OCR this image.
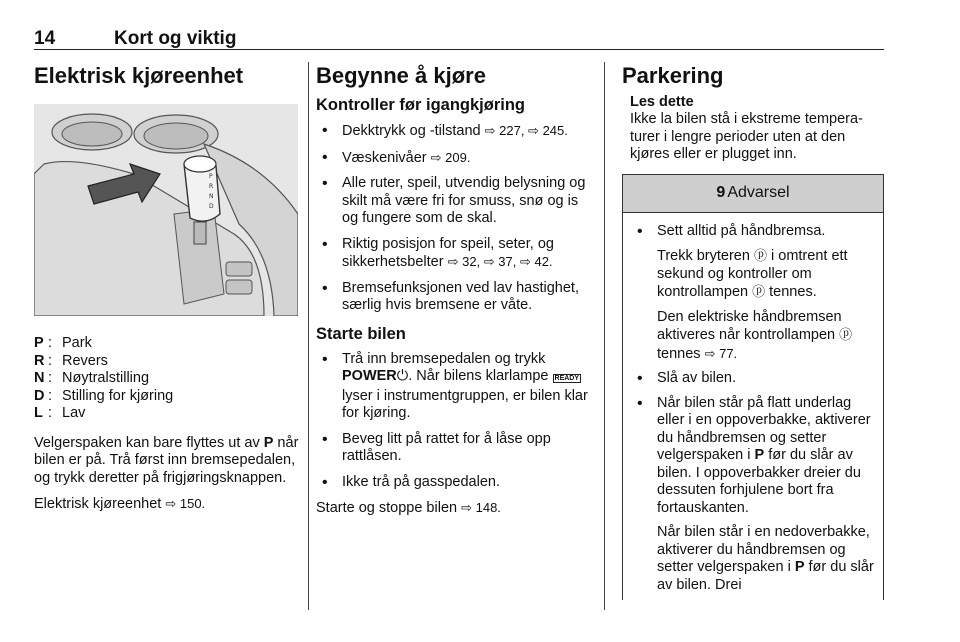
14	Kort og viktig
Elektrisk kjøreenhet
P
R
N
D
P : Park
R : Revers
N : Nøytralstilling
D : Stilling for kjøring
L : Lav

Velgerspaken kan bare flyttes ut av P når bilen er på. Trå først inn bremsepedalen, og trykk deretter på frigjøringsknappen.

Elektrisk kjøreenhet ⇨ 150.

Begynne å kjøre
Kontroller før igangkjøring
• Dekktrykk og -tilstand ⇨ 227, ⇨ 245.
• Væskenivåer ⇨ 209.
• Alle ruter, speil, utvendig belysning og skilt må være fri for smuss, snø og is og fungere som de skal.
• Riktig posisjon for speil, seter, og sikkerhetsbelter ⇨ 32, ⇨ 37, ⇨ 42.
• Bremsefunksjonen ved lav hastighet, særlig hvis bremsene er våte.
Starte bilen
• Trå inn bremsepedalen og trykk POWER⏻. Når bilens klarlampe READY lyser i instrumentgruppen, er bilen klar for kjøring.
• Beveg litt på rattet for å låse opp rattlåsen.
• Ikke trå på gasspedalen.

Starte og stoppe bilen ⇨ 148.

Parkering
Les dette
Ikke la bilen stå i ekstreme temperaturer i lengre perioder uten at den kjøres eller er plugget inn.
9 Advarsel
• Sett alltid på håndbremsa.

Trekk bryteren ⓟ i omtrent ett sekund og kontroller om kontrollampen ⓟ tennes.

Den elektriske håndbremsen aktiveres når kontrollampen ⓟ tennes ⇨ 77.

• Slå av bilen.
• Når bilen står på flatt underlag eller i en oppoverbakke, aktiverer du håndbremsen og setter velgerspaken i P før du slår av bilen. I oppoverbakker dreier du dessuten forhjulene bort fra fortauskanten.

Når bilen står i en nedoverbakke, aktiverer du håndbremsen og setter velgerspaken i P før du slår av bilen. Drei
